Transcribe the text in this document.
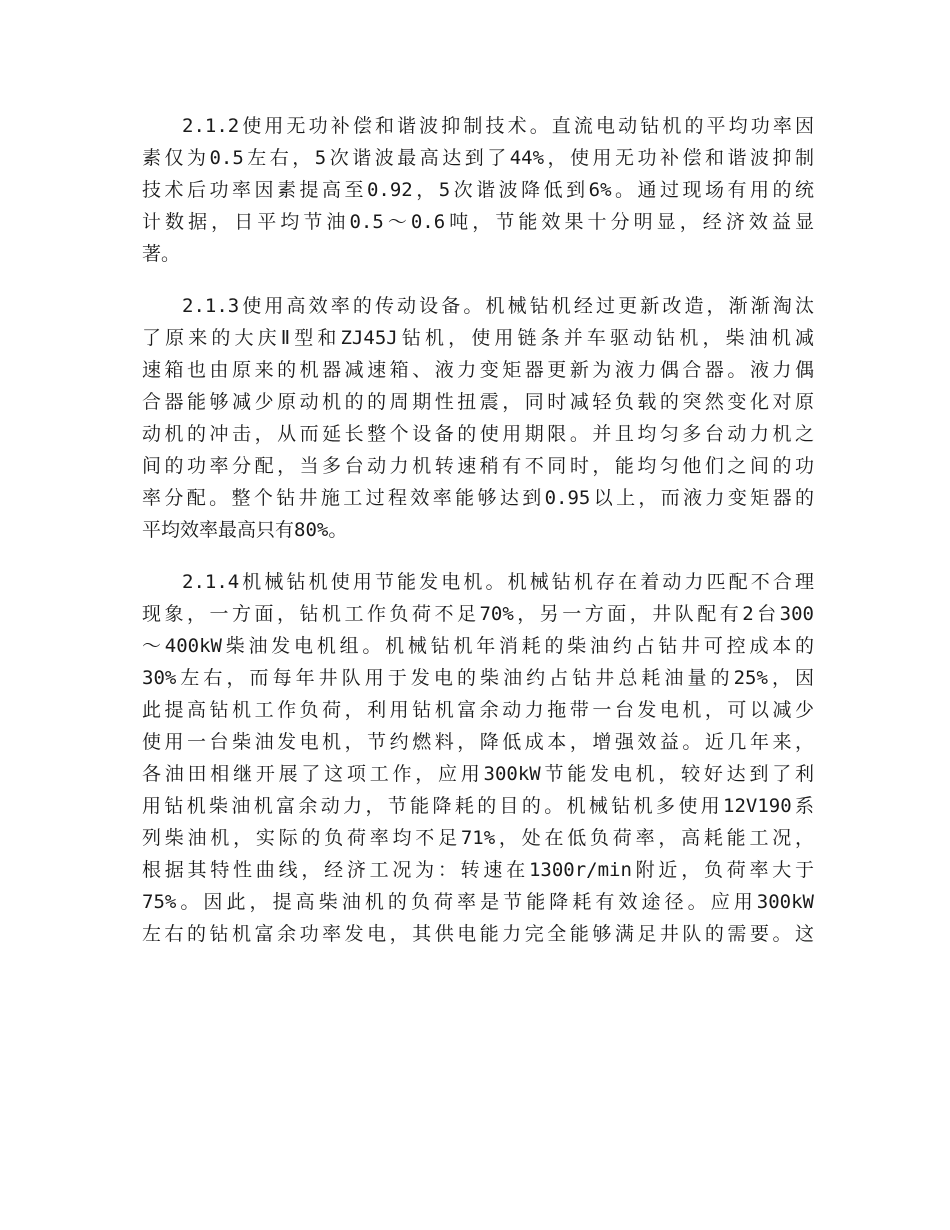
2.1.2使用无功补偿和谐波抑制技术。直流电动钻机的平均功率因
素仅为0.5左右，5次谐波最高达到了44%，使用无功补偿和谐波抑制
技术后功率因素提高至0.92，5次谐波降低到6%。通过现场有用的统
计数据，日平均节油0.5～0.6吨，节能效果十分明显，经济效益显
著。
2.1.3使用高效率的传动设备。机械钻机经过更新改造，渐渐淘汰
了原来的大庆Ⅱ型和ZJ45J钻机，使用链条并车驱动钻机，柴油机减
速箱也由原来的机器减速箱、液力变矩器更新为液力偶合器。液力偶
合器能够减少原动机的的周期性扭震，同时减轻负载的突然变化对原
动机的冲击，从而延长整个设备的使用期限。并且均匀多台动力机之
间的功率分配，当多台动力机转速稍有不同时，能均匀他们之间的功
率分配。整个钻井施工过程效率能够达到0.95以上，而液力变矩器的
平均效率最高只有80%。
2.1.4机械钻机使用节能发电机。机械钻机存在着动力匹配不合理
现象，一方面，钻机工作负荷不足70%，另一方面，井队配有2台300
～400kW柴油发电机组。机械钻机年消耗的柴油约占钻井可控成本的
30%左右，而每年井队用于发电的柴油约占钻井总耗油量的25%，因
此提高钻机工作负荷，利用钻机富余动力拖带一台发电机，可以减少
使用一台柴油发电机，节约燃料，降低成本，增强效益。近几年来，
各油田相继开展了这项工作，应用300kW节能发电机，较好达到了利
用钻机柴油机富余动力，节能降耗的目的。机械钻机多使用12V190系
列柴油机，实际的负荷率均不足71%，处在低负荷率，高耗能工况，
根据其特性曲线，经济工况为：转速在1300r/min附近，负荷率大于
75%。因此，提高柴油机的负荷率是节能降耗有效途径。应用300kW
左右的钻机富余功率发电，其供电能力完全能够满足井队的需要。这
